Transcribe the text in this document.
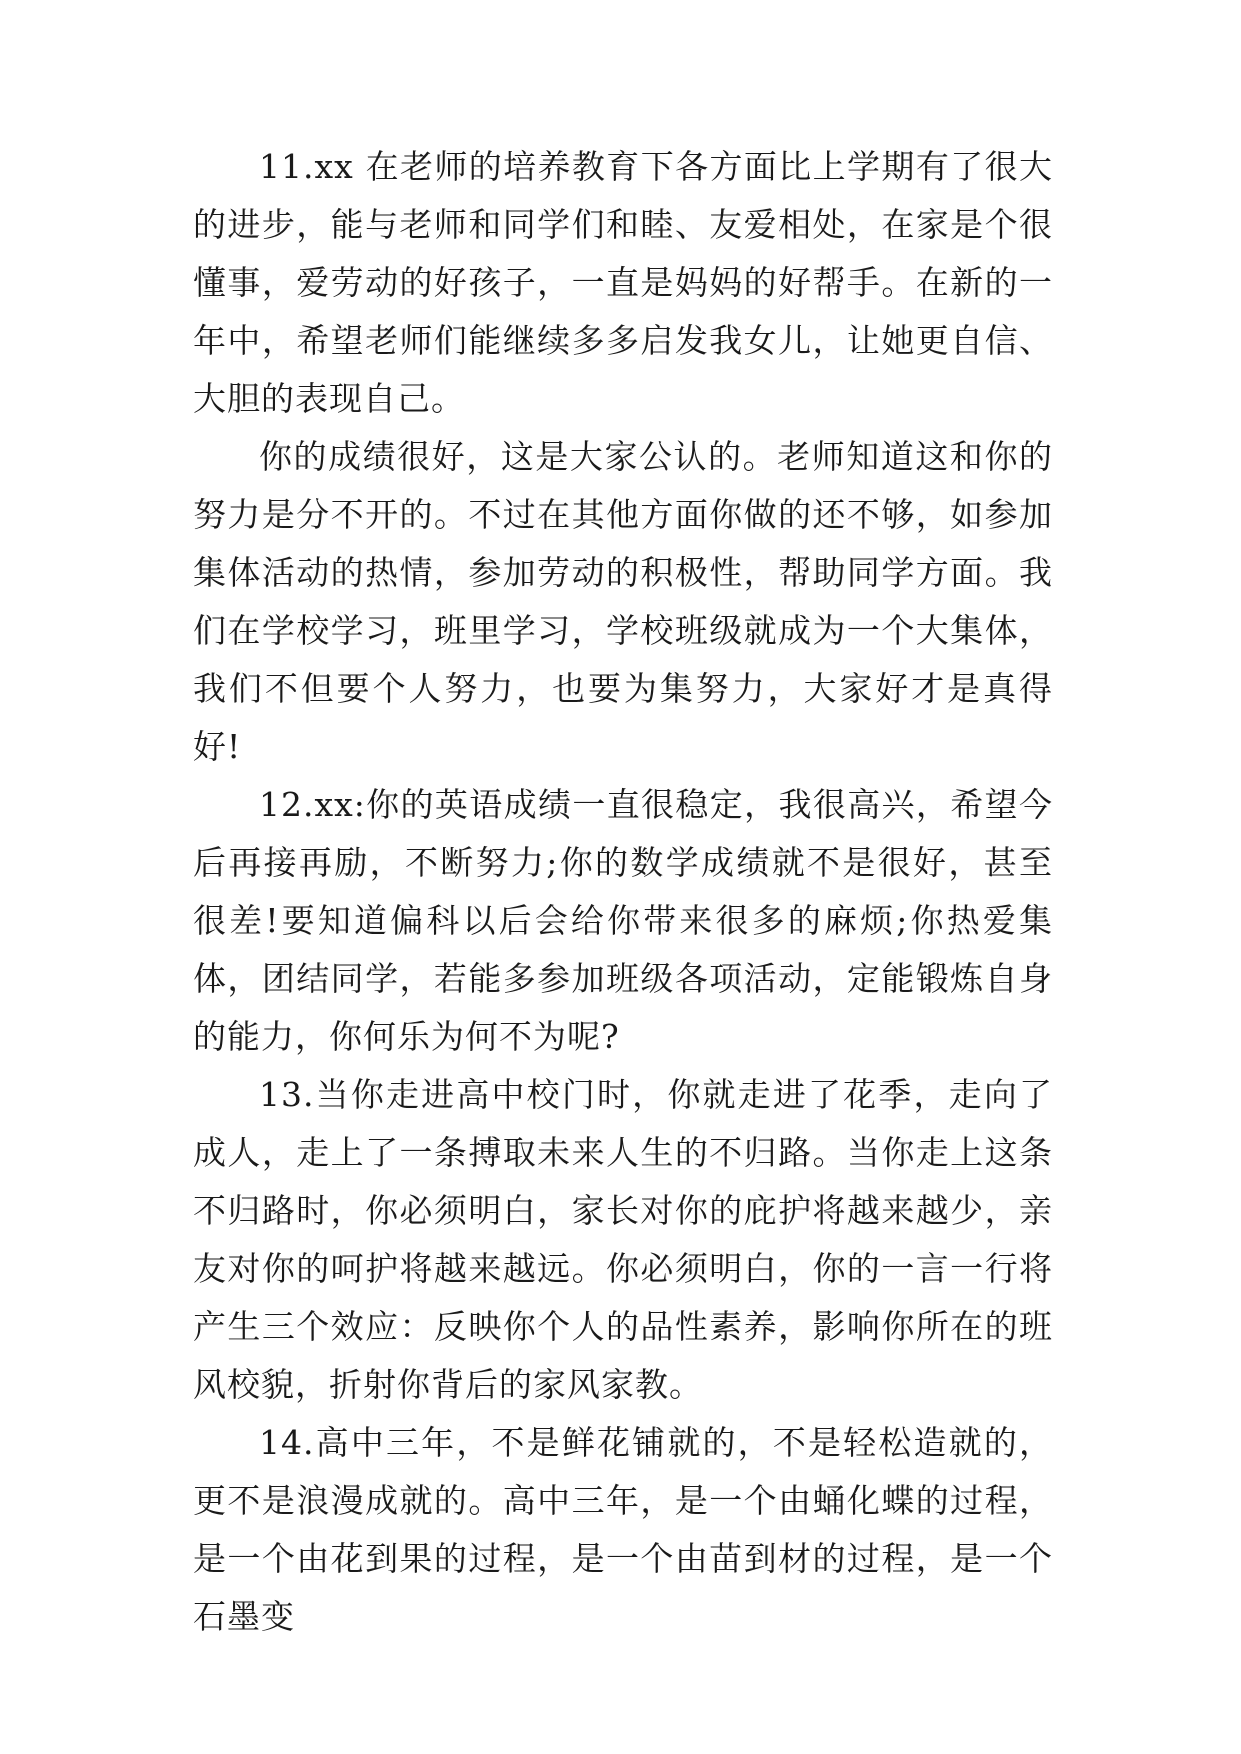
11.xx 在老师的培养教育下各方面比上学期有了很大的进步，能与老师和同学们和睦、友爱相处，在家是个很懂事，爱劳动的好孩子，一直是妈妈的好帮手。在新的一年中，希望老师们能继续多多启发我女儿，让她更自信、大胆的表现自己。

你的成绩很好，这是大家公认的。老师知道这和你的努力是分不开的。不过在其他方面你做的还不够，如参加集体活动的热情，参加劳动的积极性，帮助同学方面。我们在学校学习，班里学习，学校班级就成为一个大集体，我们不但要个人努力，也要为集努力，大家好才是真得好!

12.xx:你的英语成绩一直很稳定，我很高兴，希望今后再接再励，不断努力;你的数学成绩就不是很好，甚至很差!要知道偏科以后会给你带来很多的麻烦;你热爱集体，团结同学，若能多参加班级各项活动，定能锻炼自身的能力，你何乐为何不为呢?

13.当你走进高中校门时，你就走进了花季，走向了成人，走上了一条搏取未来人生的不归路。当你走上这条不归路时，你必须明白，家长对你的庇护将越来越少，亲友对你的呵护将越来越远。你必须明白，你的一言一行将产生三个效应：反映你个人的品性素养，影响你所在的班风校貌，折射你背后的家风家教。

14.高中三年，不是鲜花铺就的，不是轻松造就的，更不是浪漫成就的。高中三年，是一个由蛹化蝶的过程，是一个由花到果的过程，是一个由苗到材的过程，是一个石墨变
